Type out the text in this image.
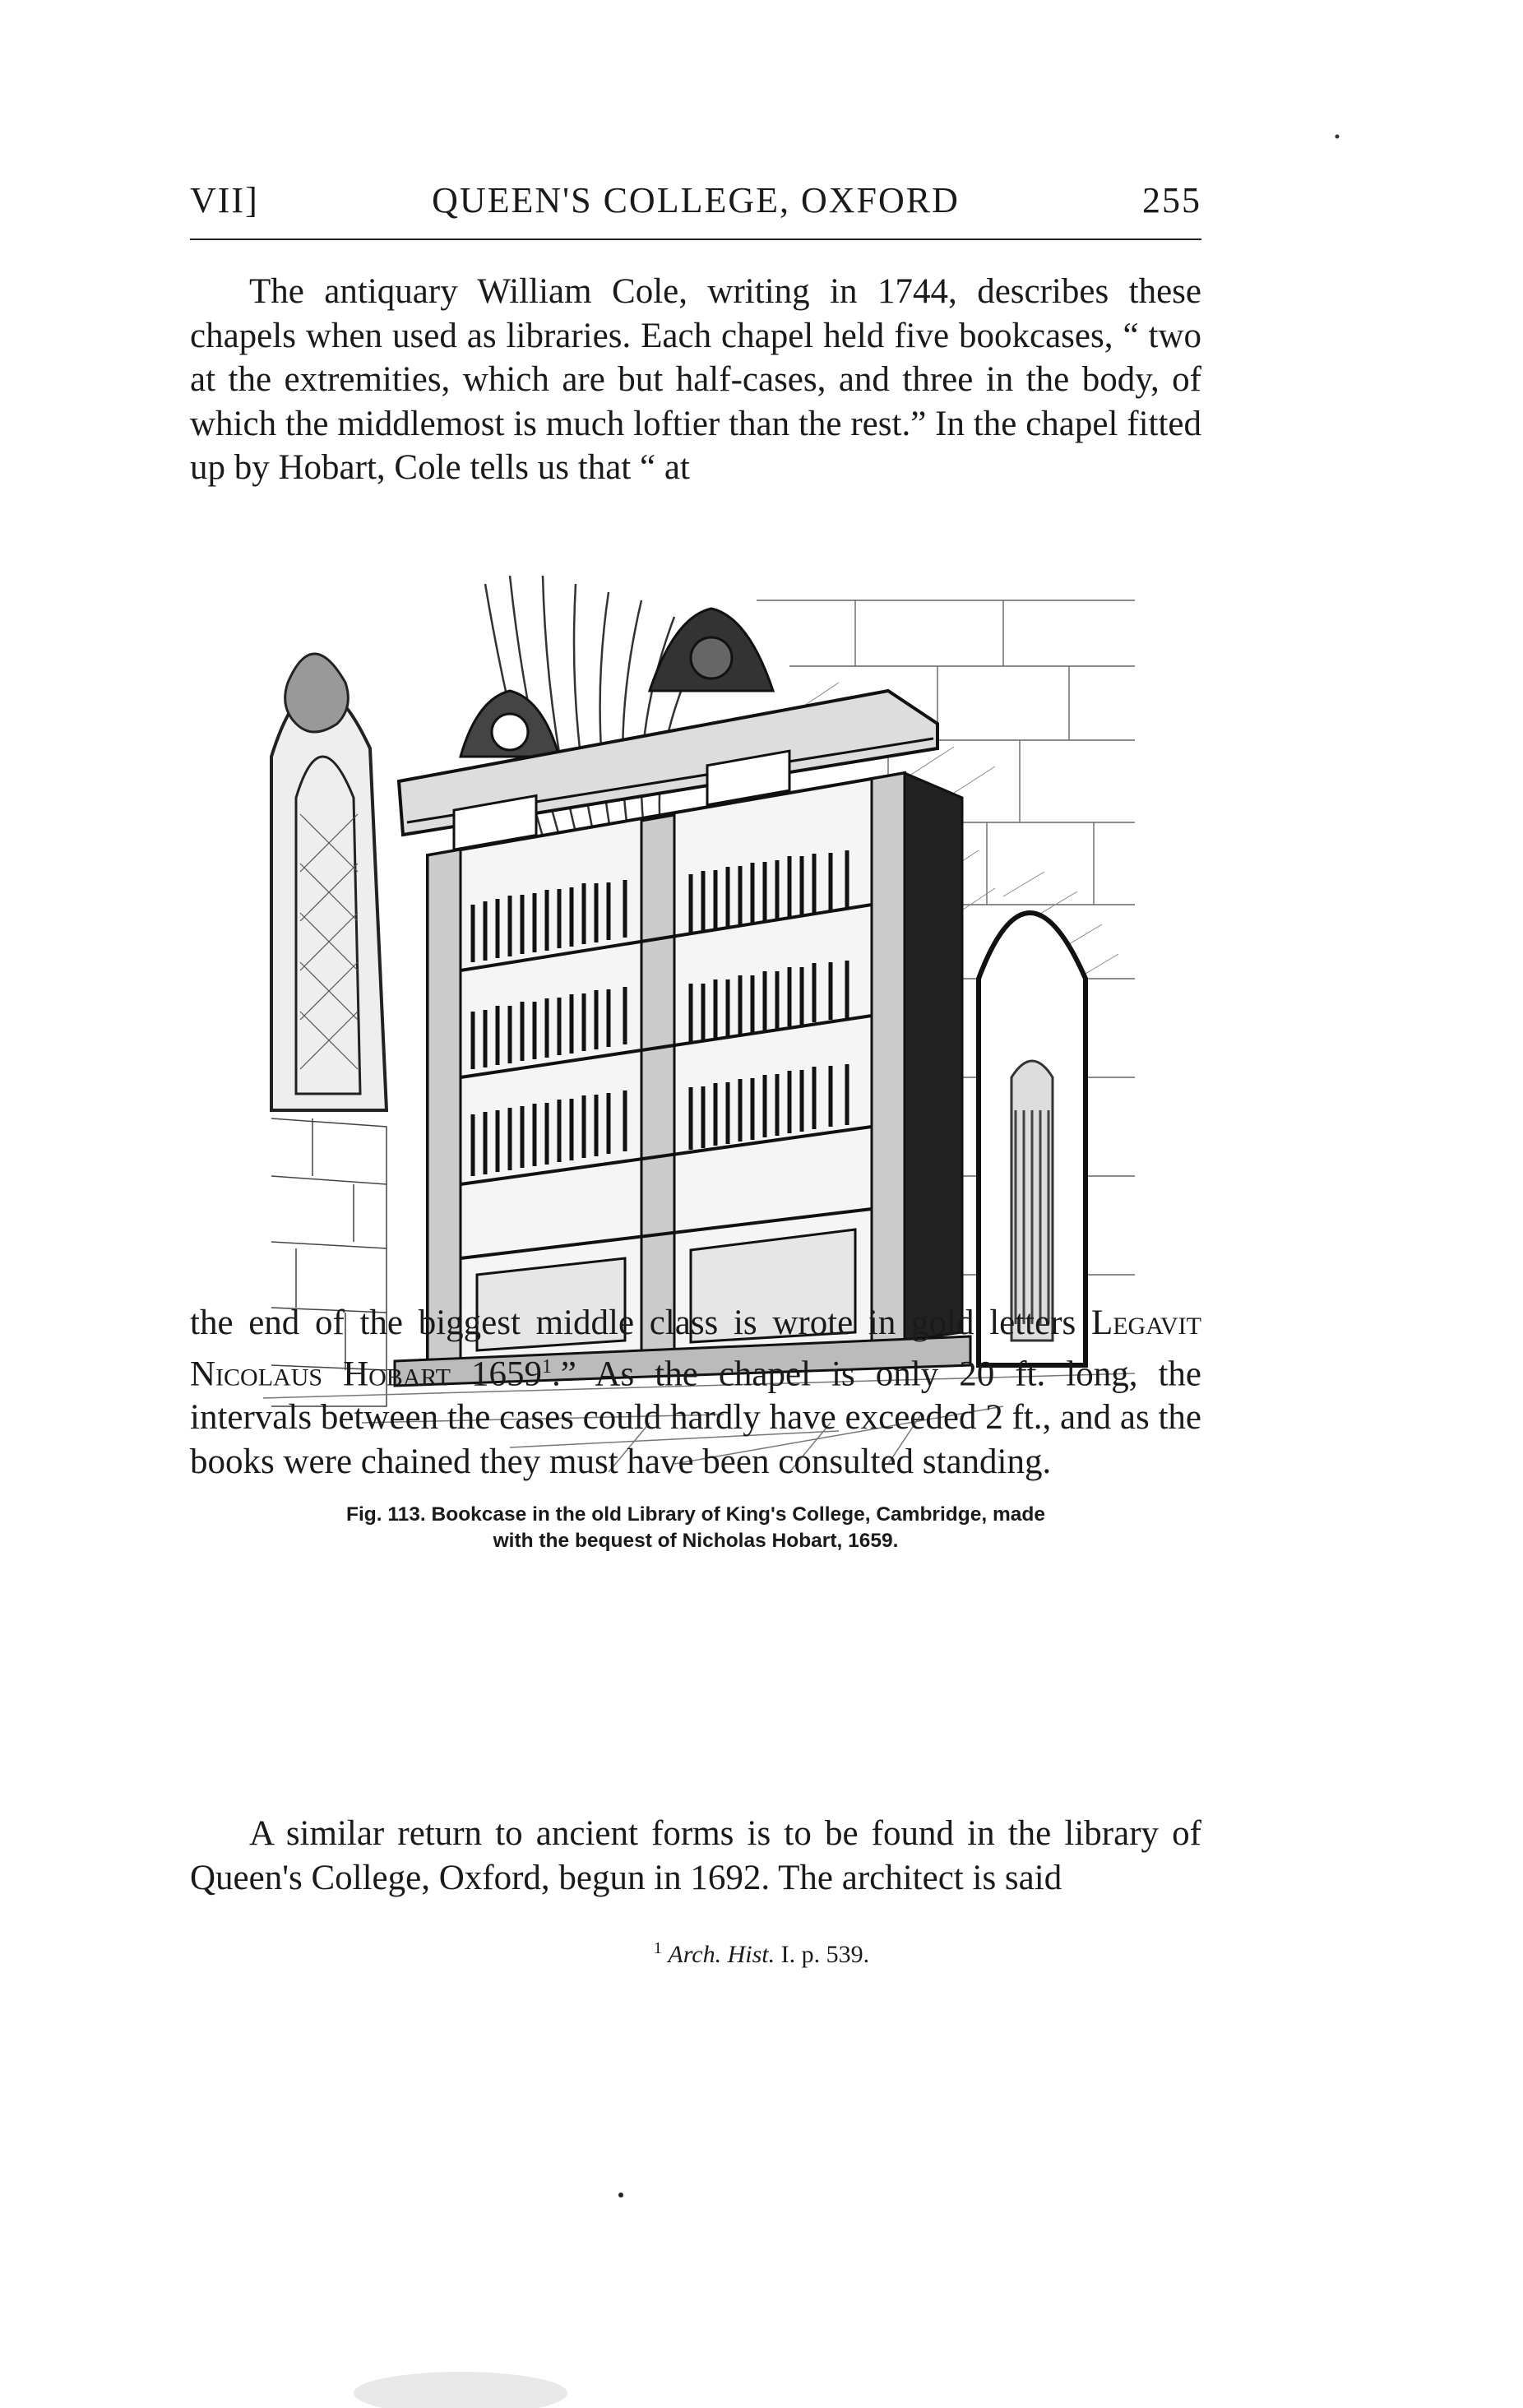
VII]	QUEEN'S COLLEGE, OXFORD	255

The antiquary William Cole, writing in 1744, describes these chapels when used as libraries. Each chapel held five bookcases, “ two at the extremities, which are but half-cases, and three in the body, of which the middlemost is much loftier than the rest.” In the chapel fitted up by Hobart, Cole tells us that “ at

Fig. 113. Bookcase in the old Library of King's College, Cambridge, made
with the bequest of Nicholas Hobart, 1659.

the end of the biggest middle class is wrote in gold letters Legavit Nicolaus Hobart 1659$^1$.” As the chapel is only 20 ft. long, the intervals between the cases could hardly have exceeded 2 ft., and as the books were chained they must have been consulted standing.

A similar return to ancient forms is to be found in the library of Queen's College, Oxford, begun in 1692. The architect is said

$^1$ Arch. Hist. I. p. 539.
